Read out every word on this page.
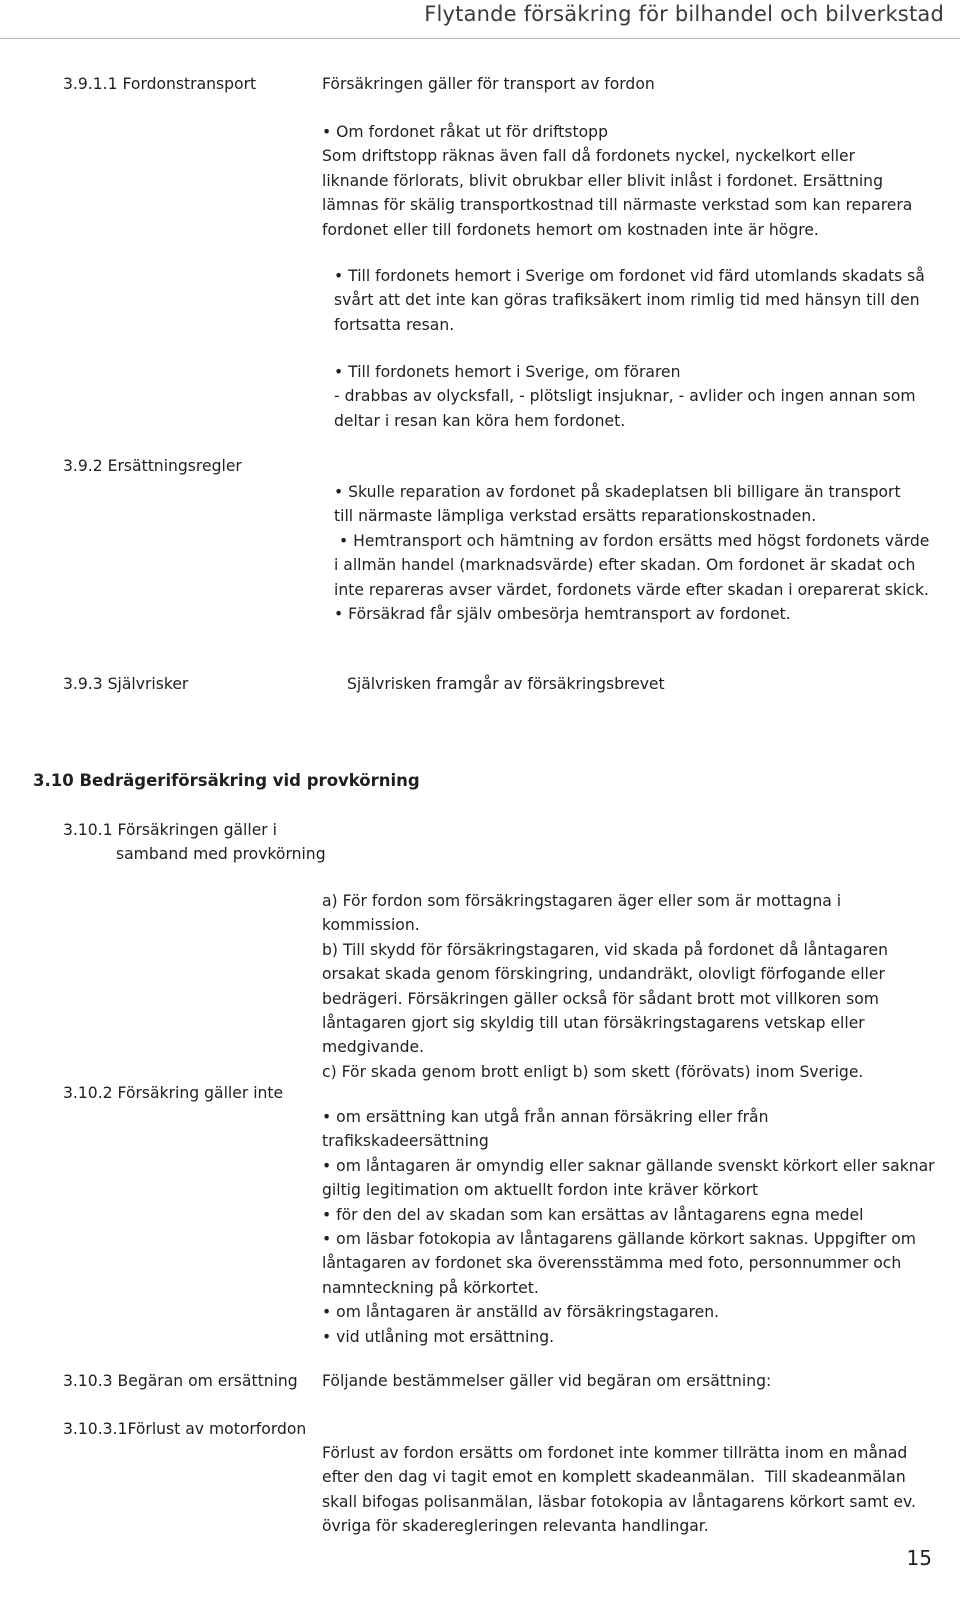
Flytande försäkring för bilhandel och bilverkstad
3.9.1.1 Fordonstransport	Försäkringen gäller för transport av fordon
• Om fordonet råkat ut för driftstopp
Som driftstopp räknas även fall då fordonets nyckel, nyckelkort eller
liknande förlorats, blivit obrukbar eller blivit inlåst i fordonet. Ersättning
lämnas för skälig transportkostnad till närmaste verkstad som kan reparera
fordonet eller till fordonets hemort om kostnaden inte är högre.
• Till fordonets hemort i Sverige om fordonet vid färd utomlands skadats så
svårt att det inte kan göras trafiksäkert inom rimlig tid med hänsyn till den
fortsatta resan.
• Till fordonets hemort i Sverige, om föraren
- drabbas av olycksfall, - plötsligt insjuknar, - avlider och ingen annan som
deltar i resan kan köra hem fordonet.
3.9.2 Ersättningsregler
• Skulle reparation av fordonet på skadeplatsen bli billigare än transport
till närmaste lämpliga verkstad ersätts reparationskostnaden.
• Hemtransport och hämtning av fordon ersätts med högst fordonets värde
i allmän handel (marknadsvärde) efter skadan. Om fordonet är skadat och
inte repareras avser värdet, fordonets värde efter skadan i oreparerat skick.
• Försäkrad får själv ombesörja hemtransport av fordonet.
3.9.3 Självrisker	Självrisken framgår av försäkringsbrevet
3.10 Bedrägeriförsäkring vid provkörning
3.10.1 Försäkringen gäller i
samband med provkörning
a) För fordon som försäkringstagaren äger eller som är mottagna i
kommission.
b) Till skydd för försäkringstagaren, vid skada på fordonet då låntagaren
orsakat skada genom förskingring, undandräkt, olovligt förfogande eller
bedrägeri. Försäkringen gäller också för sådant brott mot villkoren som
låntagaren gjort sig skyldig till utan försäkringstagarens vetskap eller
medgivande.
c) För skada genom brott enligt b) som skett (förövats) inom Sverige.
3.10.2 Försäkring gäller inte
• om ersättning kan utgå från annan försäkring eller från
trafikskadeersättning
• om låntagaren är omyndig eller saknar gällande svenskt körkort eller saknar
giltig legitimation om aktuellt fordon inte kräver körkort
• för den del av skadan som kan ersättas av låntagarens egna medel
• om läsbar fotokopia av låntagarens gällande körkort saknas. Uppgifter om
låntagaren av fordonet ska överensstämma med foto, personnummer och
namnteckning på körkortet.
• om låntagaren är anställd av försäkringstagaren.
• vid utlåning mot ersättning.
3.10.3 Begäran om ersättning Följande bestämmelser gäller vid begäran om ersättning:
3.10.3.1Förlust av motorfordon
Förlust av fordon ersätts om fordonet inte kommer tillrätta inom en månad
efter den dag vi tagit emot en komplett skadeanmälan.  Till skadeanmälan
skall bifogas polisanmälan, läsbar fotokopia av låntagarens körkort samt ev.
övriga för skaderegleringen relevanta handlingar.
15
